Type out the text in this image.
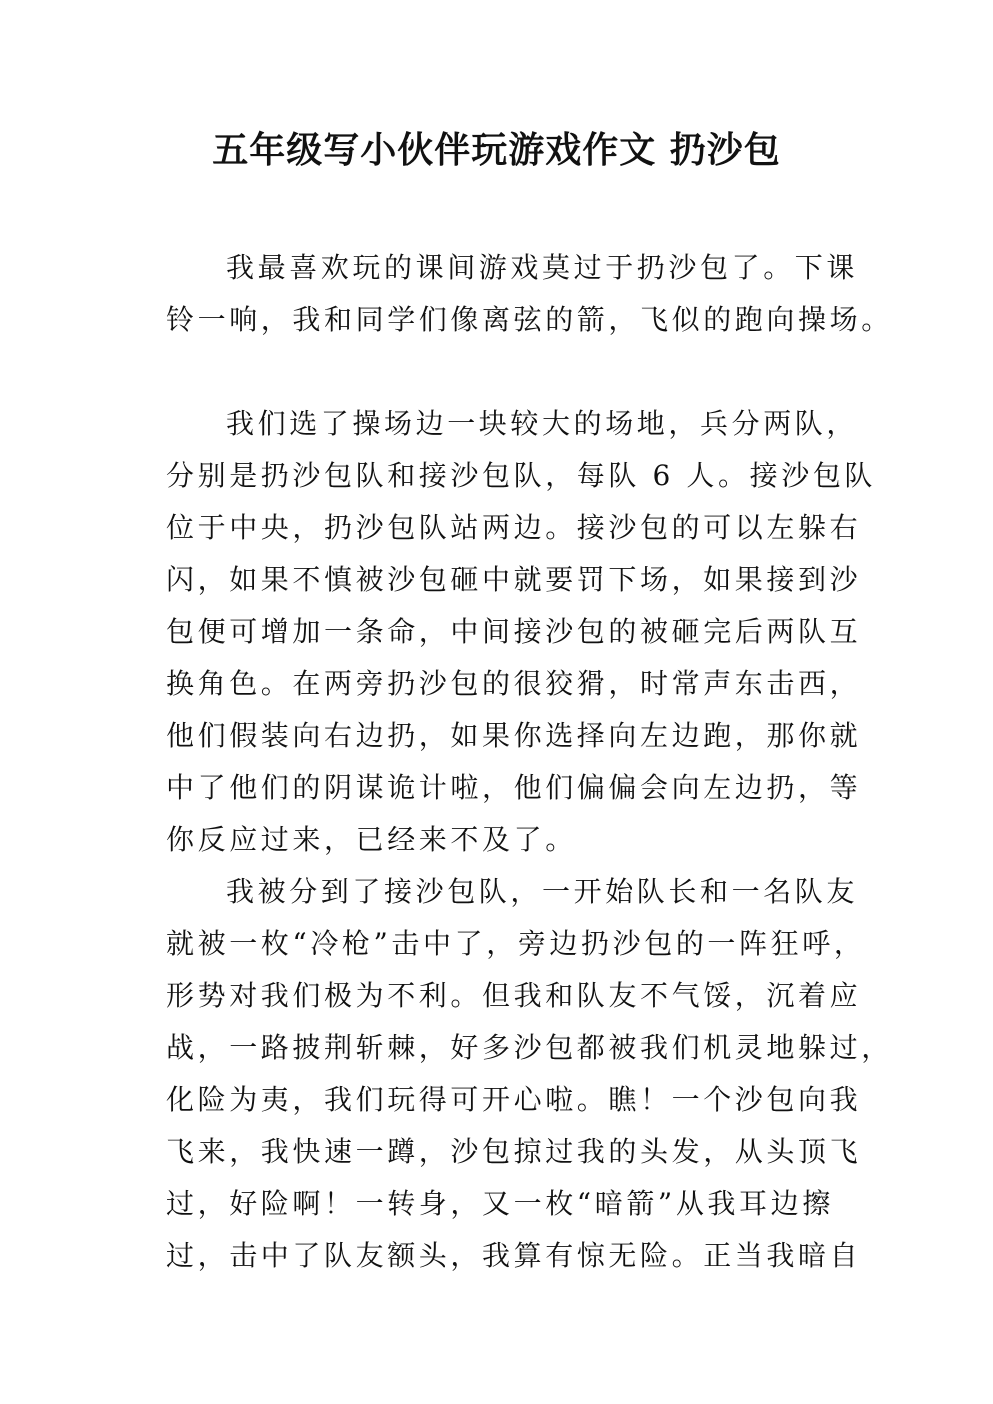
五年级写小伙伴玩游戏作文 扔沙包
我最喜欢玩的课间游戏莫过于扔沙包了。下课
铃一响，我和同学们像离弦的箭，飞似的跑向操场。
我们选了操场边一块较大的场地，兵分两队，
分别是扔沙包队和接沙包队，每队 6 人。接沙包队
位于中央，扔沙包队站两边。接沙包的可以左躲右
闪，如果不慎被沙包砸中就要罚下场，如果接到沙
包便可增加一条命，中间接沙包的被砸完后两队互
换角色。在两旁扔沙包的很狡猾，时常声东击西，
他们假装向右边扔，如果你选择向左边跑，那你就
中了他们的阴谋诡计啦，他们偏偏会向左边扔，等
你反应过来，已经来不及了。
我被分到了接沙包队，一开始队长和一名队友
就被一枚“冷枪”击中了，旁边扔沙包的一阵狂呼，
形势对我们极为不利。但我和队友不气馁，沉着应
战，一路披荆斩棘，好多沙包都被我们机灵地躲过，
化险为夷，我们玩得可开心啦。瞧！一个沙包向我
飞来，我快速一蹲，沙包掠过我的头发，从头顶飞
过，好险啊！一转身，又一枚“暗箭”从我耳边擦
过，击中了队友额头，我算有惊无险。正当我暗自
